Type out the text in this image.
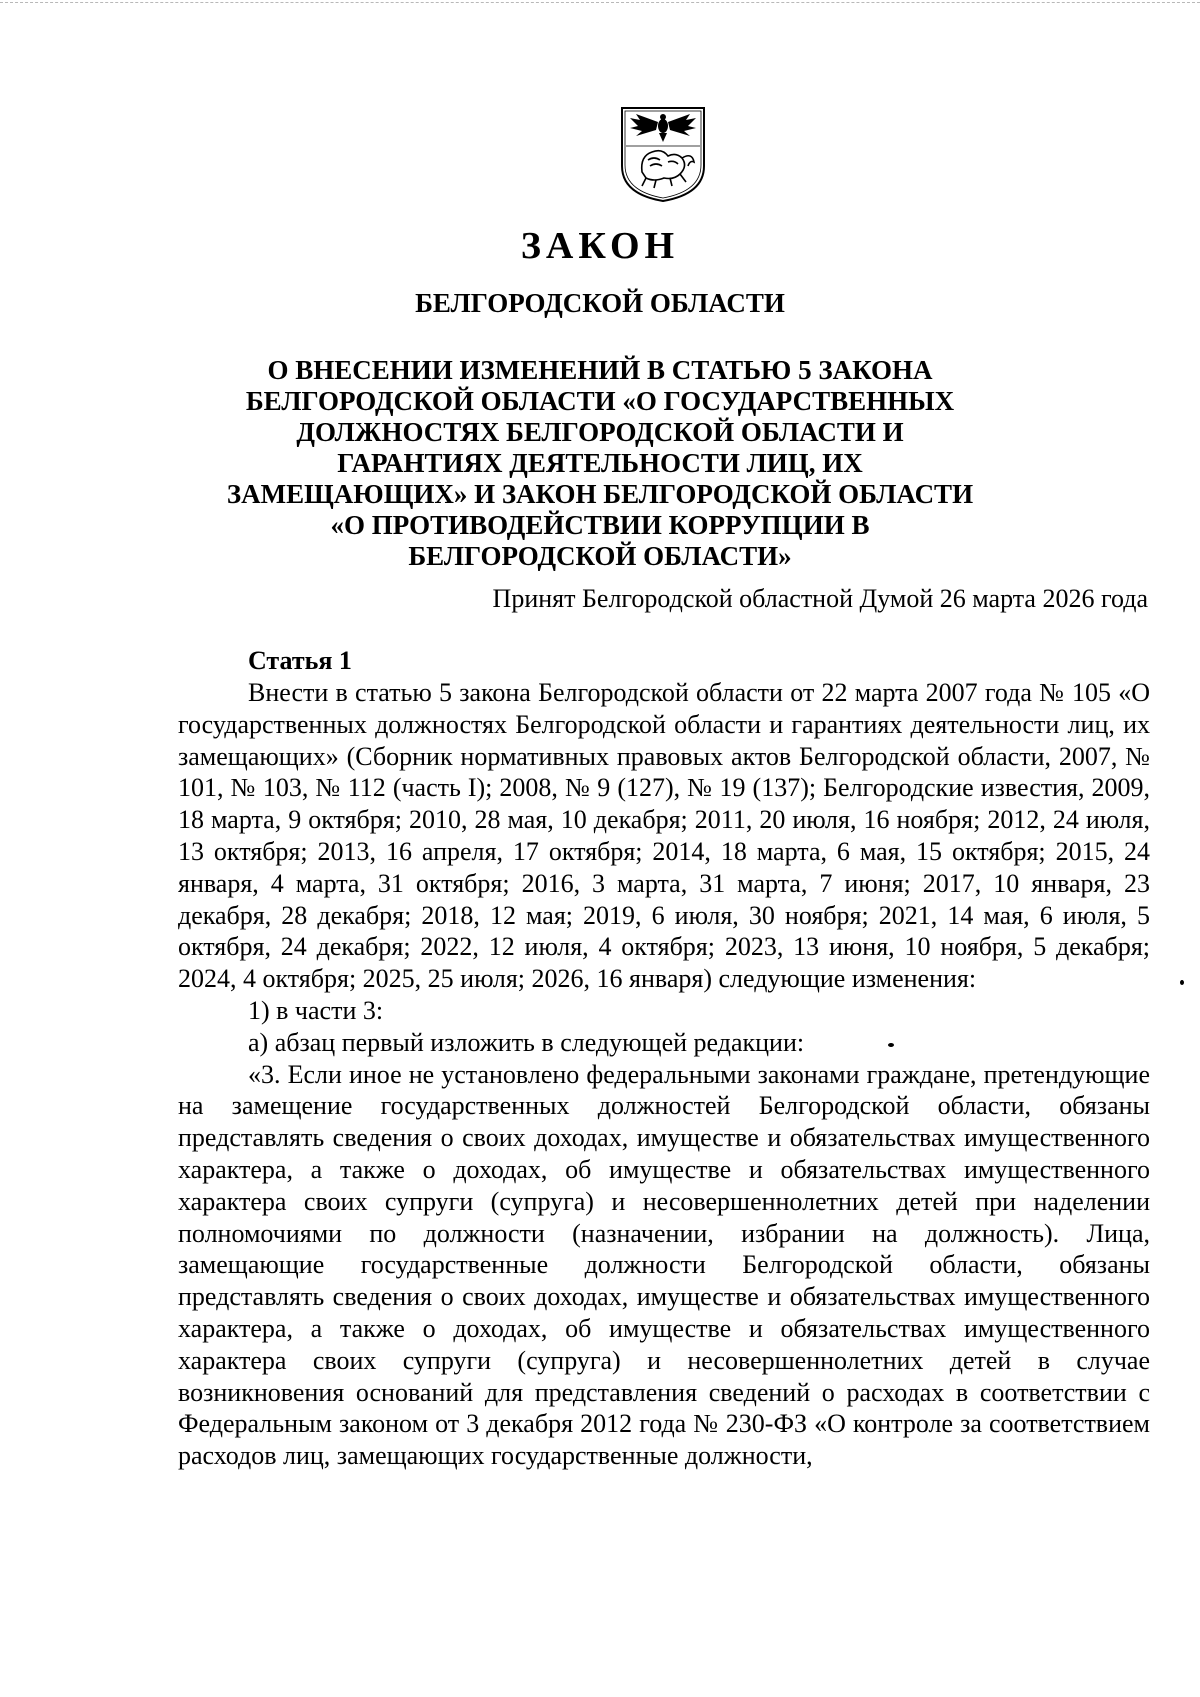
ЗАКОН
БЕЛГОРОДСКОЙ ОБЛАСТИ
О ВНЕСЕНИИ ИЗМЕНЕНИЙ В СТАТЬЮ 5 ЗАКОНА БЕЛГОРОДСКОЙ ОБЛАСТИ «О ГОСУДАРСТВЕННЫХ ДОЛЖНОСТЯХ БЕЛГОРОДСКОЙ ОБЛАСТИ И ГАРАНТИЯХ ДЕЯТЕЛЬНОСТИ ЛИЦ, ИХ ЗАМЕЩАЮЩИХ» И ЗАКОН БЕЛГОРОДСКОЙ ОБЛАСТИ «О ПРОТИВОДЕЙСТВИИ КОРРУПЦИИ В БЕЛГОРОДСКОЙ ОБЛАСТИ»

Принят Белгородской областной Думой 26 марта 2026 года

Статья 1

Внести в статью 5 закона Белгородской области от 22 марта 2007 года № 105 «О государственных должностях Белгородской области и гарантиях деятельности лиц, их замещающих» (Сборник нормативных правовых актов Белгородской области, 2007, № 101, № 103, № 112 (часть I); 2008, № 9 (127), № 19 (137); Белгородские известия, 2009, 18 марта, 9 октября; 2010, 28 мая, 10 декабря; 2011, 20 июля, 16 ноября; 2012, 24 июля, 13 октября; 2013, 16 апреля, 17 октября; 2014, 18 марта, 6 мая, 15 октября; 2015, 24 января, 4 марта, 31 октября; 2016, 3 марта, 31 марта, 7 июня; 2017, 10 января, 23 декабря, 28 декабря; 2018, 12 мая; 2019, 6 июля, 30 ноября; 2021, 14 мая, 6 июля, 5 октября, 24 декабря; 2022, 12 июля, 4 октября; 2023, 13 июня, 10 ноября, 5 декабря; 2024, 4 октября; 2025, 25 июля; 2026, 16 января) следующие изменения:

1) в части 3:

а) абзац первый изложить в следующей редакции:

«3. Если иное не установлено федеральными законами граждане, претендующие на замещение государственных должностей Белгородской области, обязаны представлять сведения о своих доходах, имуществе и обязательствах имущественного характера, а также о доходах, об имуществе и обязательствах имущественного характера своих супруги (супруга) и несовершеннолетних детей при наделении полномочиями по должности (назначении, избрании на должность). Лица, замещающие государственные должности Белгородской области, обязаны представлять сведения о своих доходах, имуществе и обязательствах имущественного характера, а также о доходах, об имуществе и обязательствах имущественного характера своих супруги (супруга) и несовершеннолетних детей в случае возникновения оснований для представления сведений о расходах в соответствии с Федеральным законом от 3 декабря 2012 года № 230-ФЗ «О контроле за соответствием расходов лиц, замещающих государственные должности,
